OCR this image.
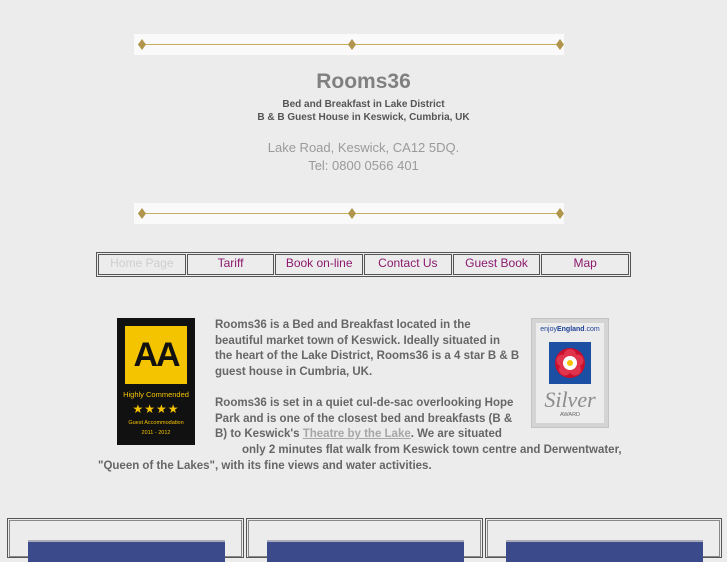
Rooms36
Bed and Breakfast in Lake District
B & B Guest House in Keswick, Cumbria, UK
Lake Road, Keswick, CA12 5DQ.
Tel: 0800 0566 401
Home Page	Tariff	Book on-line	Contact Us	Guest Book	Map
AA
Highly Commended
★★★★
Guest Accommodation
2011 - 2012
Rooms36 is a Bed and Breakfast located in the
beautiful market town of Keswick. Ideally situated in
the heart of the Lake District, Rooms36 is a 4 star B & B
guest house in Cumbria, UK.
Rooms36 is set in a quiet cul-de-sac overlooking Hope
Park and is one of the closest bed and breakfasts (B &
B) to Keswick's Theatre by the Lake. We are situated
only 2 minutes flat walk from Keswick town centre and Derwentwater,
"Queen of the Lakes", with its fine views and water activities.
enjoyEngland.com
Silver
AWARD
